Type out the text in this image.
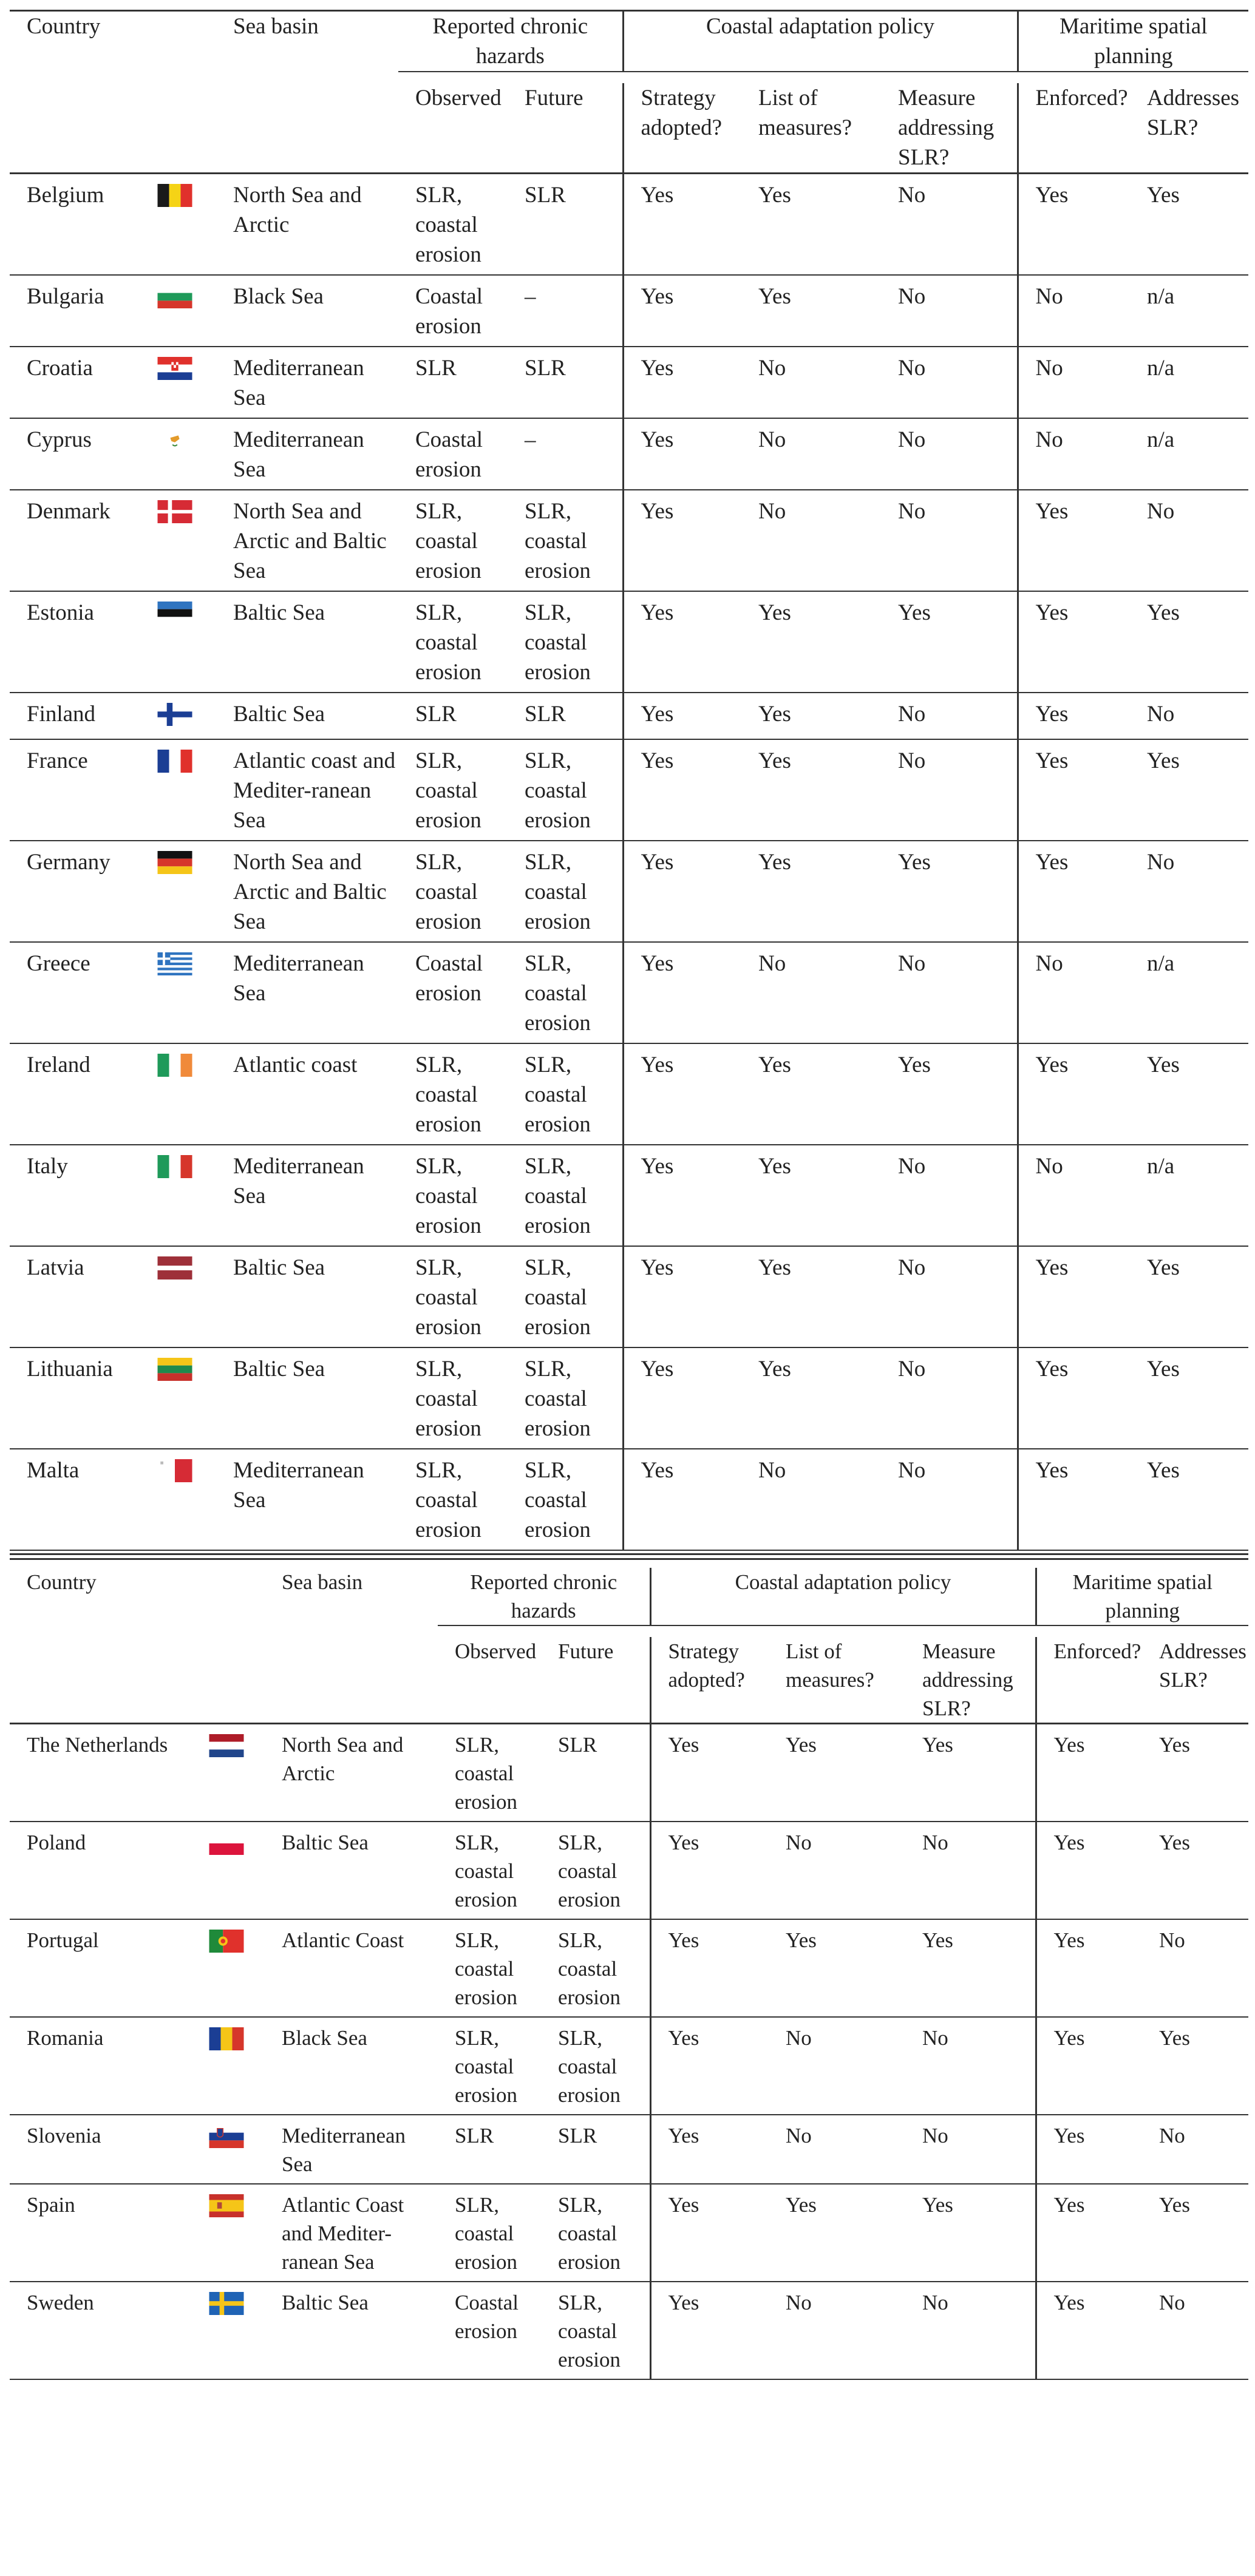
Country		Sea basin	Reported chronic hazards		Coastal adaptation policy			Maritime spatial planning	

			Observed	Future	Strategy adopted?	List of measures?	Measure addressing SLR?	Enforced?	Addresses SLR?
Belgium		North Sea and Arctic	SLR, coastal erosion	SLR	Yes	Yes	No	Yes	Yes
Bulgaria		Black Sea	Coastal erosion	–	Yes	Yes	No	No	n/a
Croatia		Mediterranean Sea	SLR	SLR	Yes	No	No	No	n/a
Cyprus		Mediterranean Sea	Coastal erosion	–	Yes	No	No	No	n/a
Denmark		North Sea and Arctic and Baltic Sea	SLR, coastal erosion	SLR, coastal erosion	Yes	No	No	Yes	No
Estonia		Baltic Sea	SLR, coastal erosion	SLR, coastal erosion	Yes	Yes	Yes	Yes	Yes
Finland		Baltic Sea	SLR	SLR	Yes	Yes	No	Yes	No
France		Atlantic coast and Mediter-ranean Sea	SLR, coastal erosion	SLR, coastal erosion	Yes	Yes	No	Yes	Yes
Germany		North Sea and Arctic and Baltic Sea	SLR, coastal erosion	SLR, coastal erosion	Yes	Yes	Yes	Yes	No
Greece		Mediterranean Sea	Coastal erosion	SLR, coastal erosion	Yes	No	No	No	n/a
Ireland		Atlantic coast	SLR, coastal erosion	SLR, coastal erosion	Yes	Yes	Yes	Yes	Yes
Italy		Mediterranean Sea	SLR, coastal erosion	SLR, coastal erosion	Yes	Yes	No	No	n/a
Latvia		Baltic Sea	SLR, coastal erosion	SLR, coastal erosion	Yes	Yes	No	Yes	Yes
Lithuania		Baltic Sea	SLR, coastal erosion	SLR, coastal erosion	Yes	Yes	No	Yes	Yes
Malta		Mediterranean Sea	SLR, coastal erosion	SLR, coastal erosion	Yes	No	No	Yes	Yes
Country		Sea basin	Reported chronic hazards		Coastal adaptation policy			Maritime spatial planning	

			Observed	Future	Strategy adopted?	List of measures?	Measure addressing SLR?	Enforced?	Addresses SLR?
The Netherlands		North Sea and Arctic	SLR, coastal erosion	SLR	Yes	Yes	Yes	Yes	Yes
Poland		Baltic Sea	SLR, coastal erosion	SLR, coastal erosion	Yes	No	No	Yes	Yes
Portugal		Atlantic Coast	SLR, coastal erosion	SLR, coastal erosion	Yes	Yes	Yes	Yes	No
Romania		Black Sea	SLR, coastal erosion	SLR, coastal erosion	Yes	No	No	Yes	Yes
Slovenia		Mediterranean Sea	SLR	SLR	Yes	No	No	Yes	No
Spain		Atlantic Coast and Mediter-ranean Sea	SLR, coastal erosion	SLR, coastal erosion	Yes	Yes	Yes	Yes	Yes
Sweden		Baltic Sea	Coastal erosion	SLR, coastal erosion	Yes	No	No	Yes	No
